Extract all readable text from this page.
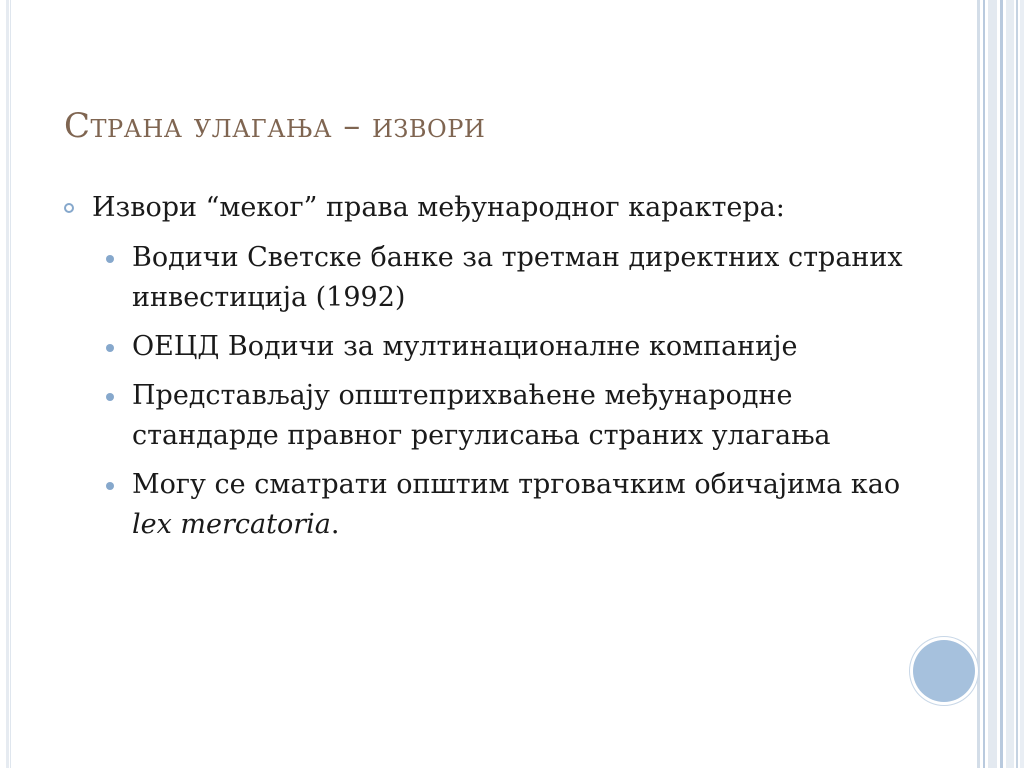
Страна улагања – извори
Извори “меког” права међународног карактера:
Водичи Светске банке за третман директних страних инвестиција (1992)
ОЕЦД Водичи за мултинационалне компаније
Представљају општеприхваћене међународне стандарде правног регулисања страних улагања
Могу се сматрати општим трговачким обичајима као lex mercatoria.
